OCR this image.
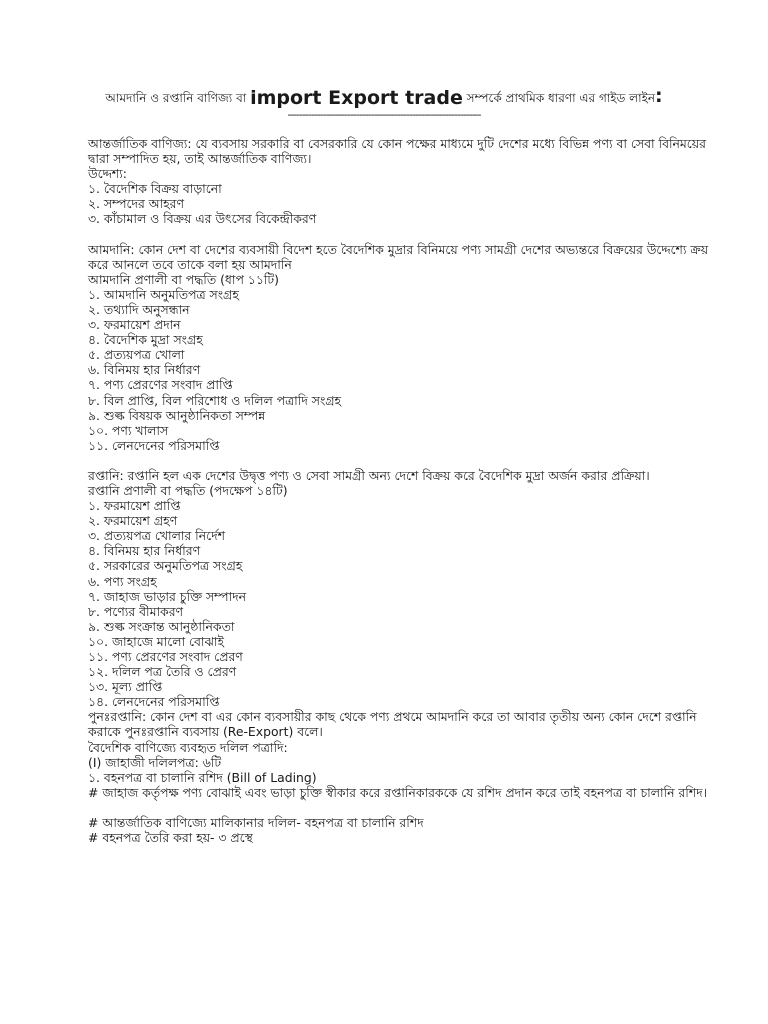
আমদানি ও রপ্তানি বাণিজ্য বা import Export trade সম্পর্কে প্রাথমিক ধারণা এর গাইড লাইন:
-----------------------------------------------------------------
আন্তর্জাতিক বাণিজ্য: যে ব্যবসায় সরকারি বা বেসরকারি যে কোন পক্ষের মাধ্যমে দুটি দেশের মধ্যে বিভিন্ন পণ্য বা সেবা বিনিময়ের দ্বারা সম্পাদিত হয়, তাই আন্তর্জাতিক বাণিজ্য।
উদ্দেশ্য:
১. বৈদেশিক বিক্রয় বাড়ানো
২. সম্পদের আহরণ
৩. কাঁচামাল ও বিক্রয় এর উৎসের বিকেন্দ্রীকরণ
আমদানি: কোন দেশ বা দেশের ব্যবসায়ী বিদেশ হতে বৈদেশিক মুদ্রার বিনিময়ে পণ্য সামগ্রী দেশের অভ্যন্তরে বিক্রয়ের উদ্দেশ্যে ক্রয় করে আনলে তবে তাকে বলা হয় আমদানি
আমদানি প্রণালী বা পদ্ধতি (ধাপ ১১টি)
১. আমদানি অনুমতিপত্র সংগ্রহ
২. তথ্যাদি অনুসন্ধান
৩. ফরমায়েশ প্রদান
৪. বৈদেশিক মুদ্রা সংগ্রহ
৫. প্রত্যয়পত্র খোলা
৬. বিনিময় হার নির্ধারণ
৭. পণ্য প্রেরণের সংবাদ প্রাপ্তি
৮. বিল প্রাপ্তি, বিল পরিশোধ ও দলিল পত্রাদি সংগ্রহ
৯. শুল্ক বিষয়ক আনুষ্ঠানিকতা সম্পন্ন
১০. পণ্য খালাস
১১. লেনদেনের পরিসমাপ্তি
রপ্তানি: রপ্তানি হল এক দেশের উদ্বৃত্ত পণ্য ও সেবা সামগ্রী অন্য দেশে বিক্রয় করে বৈদেশিক মুদ্রা অর্জন করার প্রক্রিয়া।
রপ্তানি প্রণালী বা পদ্ধতি (পদক্ষেপ ১৪টি)
১. ফরমায়েশ প্রাপ্তি
২. ফরমায়েশ গ্রহণ
৩. প্রত্যয়পত্র খোলার নির্দেশ
৪. বিনিময় হার নির্ধারণ
৫. সরকারের অনুমতিপত্র সংগ্রহ
৬. পণ্য সংগ্রহ
৭. জাহাজ ভাড়ার চুক্তি সম্পাদন
৮. পণ্যের বীমাকরণ
৯. শুল্ক সংক্রান্ত আনুষ্ঠানিকতা
১০. জাহাজে মালো বোঝাই
১১. পণ্য প্রেরণের সংবাদ প্রেরণ
১২. দলিল পত্র তৈরি ও প্রেরণ
১৩. মূল্য প্রাপ্তি
১৪. লেনদেনের পরিসমাপ্তি
পুনঃরপ্তানি: কোন দেশ বা এর কোন ব্যবসায়ীর কাছ থেকে পণ্য প্রথমে আমদানি করে তা আবার তৃতীয় অন্য কোন দেশে রপ্তানি করাকে পুনঃরপ্তানি ব্যবসায় (Re-Export) বলে।
বৈদেশিক বাণিজ্যে ব্যবহৃত দলিল পত্রাদি:
(I) জাহাজী দলিলপত্র: ৬টি
১. বহনপত্র বা চালানি রশিদ (Bill of Lading)
# জাহাজ কর্তৃপক্ষ পণ্য বোঝাই এবং ভাড়া চুক্তি স্বীকার করে রপ্তানিকারককে যে রশিদ প্রদান করে তাই বহনপত্র বা চালানি রশিদ।
# আন্তর্জাতিক বাণিজ্যে মালিকানার দলিল- বহনপত্র বা চালানি রশিদ
# বহনপত্র তৈরি করা হয়- ৩ প্রস্থে
